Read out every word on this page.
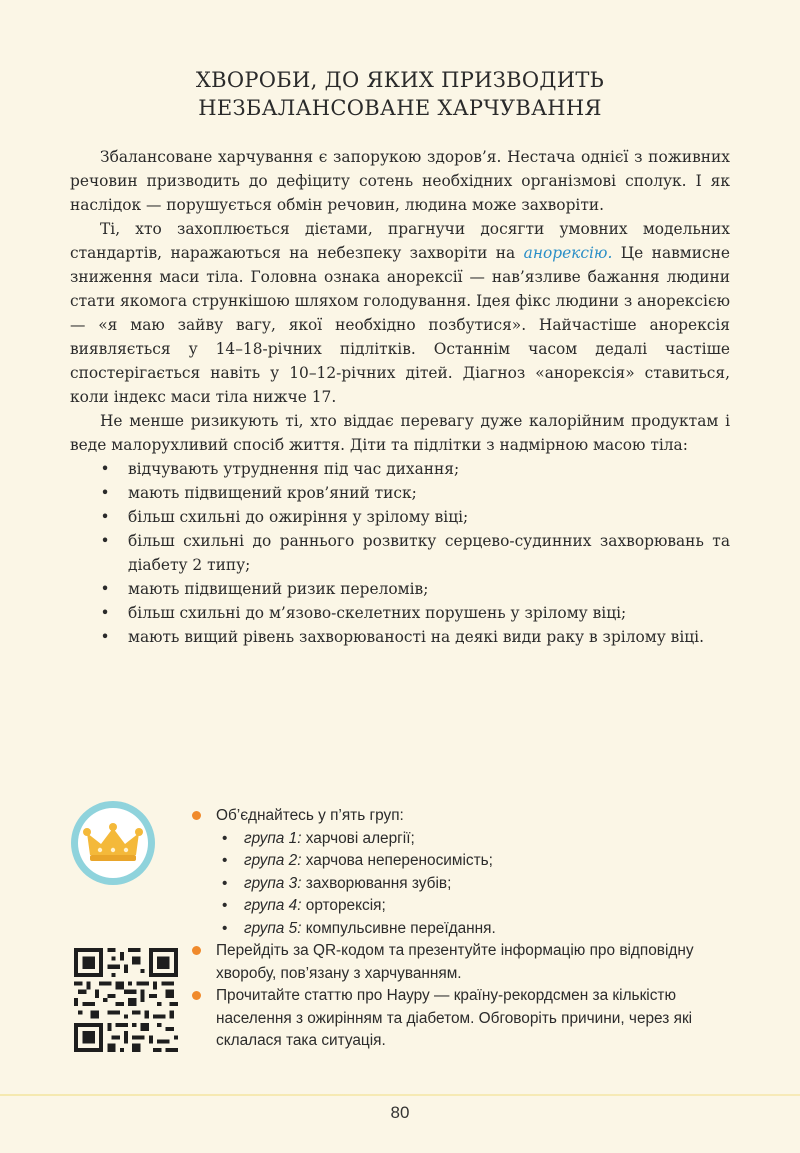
ХВОРОБИ, ДО ЯКИХ ПРИЗВОДИТЬ
НЕЗБАЛАНСОВАНЕ ХАРЧУВАННЯ

Збалансоване харчування є запорукою здоров’я. Нестача однієї з поживних речовин призводить до дефіциту сотень необхідних організмові сполук. І як наслідок — порушується обмін речовин, людина може захворіти.

Ті, хто захоплюється дієтами, прагнучи досягти умовних модельних стандартів, наражаються на небезпеку захворіти на анорексію. Це навмисне зниження маси тіла. Головна ознака анорексії — нав’язливе бажання людини стати якомога стрункішою шляхом голодування. Ідея фікс людини з анорексією — «я маю зайву вагу, якої необхідно позбутися». Найчастіше анорексія виявляється у 14–18-річних підлітків. Останнім часом дедалі частіше спостерігається навіть у 10–12-річних дітей. Діагноз «анорексія» ставиться, коли індекс маси тіла нижче 17.

Не менше ризикують ті, хто віддає перевагу дуже калорійним продуктам і веде малорухливий спосіб життя. Діти та підлітки з надмірною масою тіла:

• відчувають утруднення під час дихання;
• мають підвищений кров’яний тиск;
• більш схильні до ожиріння у зрілому віці;
• більш схильні до раннього розвитку серцево-судинних захворювань та діабету 2 типу;
• мають підвищений ризик переломів;
• більш схильні до м’язово-скелетних порушень у зрілому віці;
• мають вищий рівень захворюваності на деякі види раку в зрілому віці.
Об’єднайтесь у п’ять груп:
• група 1: харчові алергії;
• група 2: харчова непереносимість;
• група 3: захворювання зубів;
• група 4: орторексія;
• група 5: компульсивне переїдання.
Перейдіть за QR-кодом та презентуйте інформацію про відповідну хворобу, пов’язану з харчуванням.
Прочитайте статтю про Науру — країну-рекордсмен за кількістю населення з ожирінням та діабетом. Обговоріть причини, через які склалася така ситуація.
80
